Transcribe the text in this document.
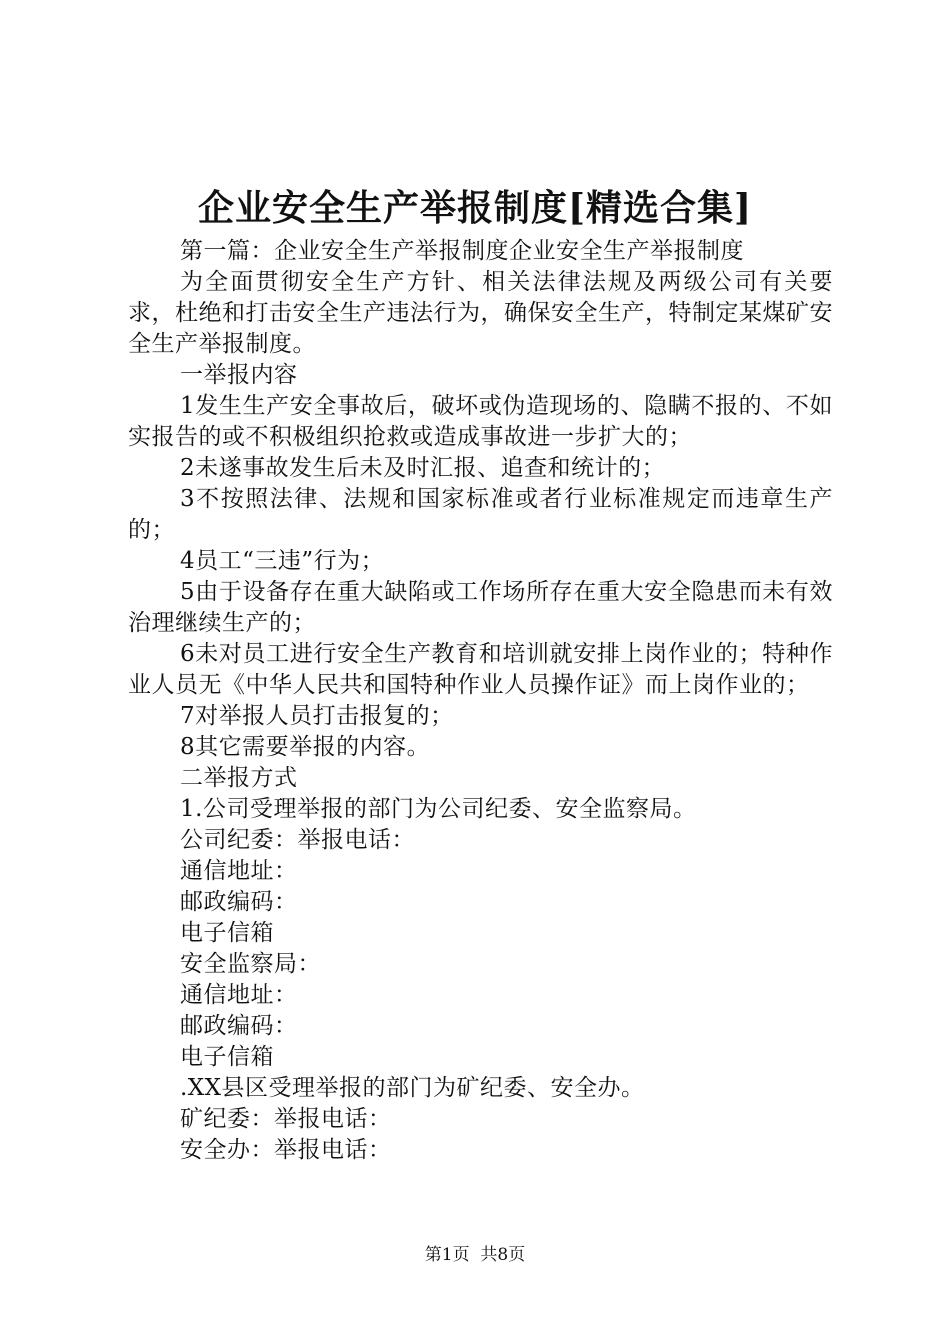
企业安全生产举报制度[精选合集]

第一篇：企业安全生产举报制度企业安全生产举报制度

为全面贯彻安全生产方针、相关法律法规及两级公司有关要求，杜绝和打击安全生产违法行为，确保安全生产，特制定某煤矿安全生产举报制度。

一举报内容

1发生生产安全事故后，破坏或伪造现场的、隐瞒不报的、不如实报告的或不积极组织抢救或造成事故进一步扩大的；

2未遂事故发生后未及时汇报、追查和统计的；

3不按照法律、法规和国家标准或者行业标准规定而违章生产的；

4员工“三违”行为；

5由于设备存在重大缺陷或工作场所存在重大安全隐患而未有效治理继续生产的；

6未对员工进行安全生产教育和培训就安排上岗作业的；特种作业人员无《中华人民共和国特种作业人员操作证》而上岗作业的；

7对举报人员打击报复的；

8其它需要举报的内容。

二举报方式

1.公司受理举报的部门为公司纪委、安全监察局。

公司纪委：举报电话：

通信地址：

邮政编码：

电子信箱

安全监察局：

通信地址：

邮政编码：

电子信箱

.XX县区受理举报的部门为矿纪委、安全办。

矿纪委：举报电话：

安全办：举报电话：

第1页  共8页
